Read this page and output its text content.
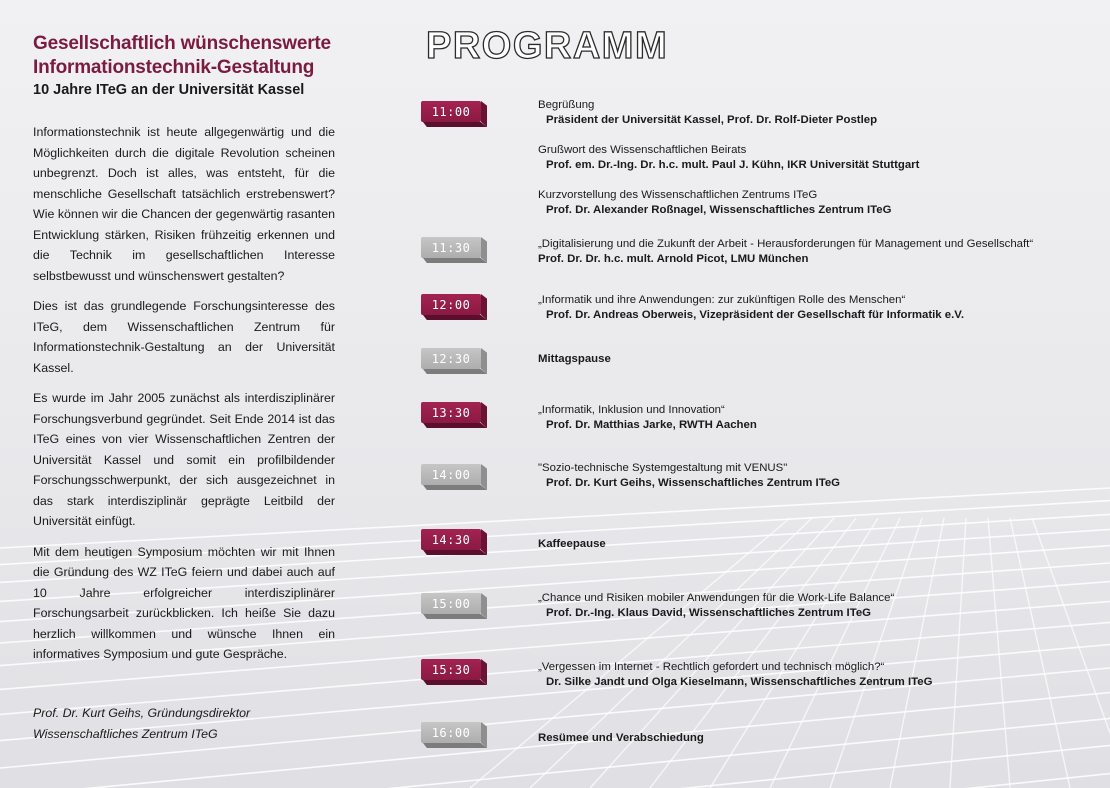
Gesellschaftlich wünschenswerte
Informationstechnik-Gestaltung
10 Jahre ITeG an der Universität Kassel

Informationstechnik ist heute allgegenwärtig und die Möglichkeiten durch die digitale Revolution scheinen unbegrenzt. Doch ist alles, was entsteht, für die menschliche Gesellschaft tatsächlich erstrebenswert? Wie können wir die Chancen der gegenwärtig rasanten Entwicklung stärken, Risiken frühzeitig erkennen und die Technik im gesellschaftlichen Interesse selbstbewusst und wünschenswert gestalten?

Dies ist das grundlegende Forschungsinteresse des ITeG, dem Wissenschaftlichen Zentrum für Informationstechnik-Gestaltung an der Universität Kassel.

Es wurde im Jahr 2005 zunächst als interdisziplinärer Forschungsverbund gegründet. Seit Ende 2014 ist das ITeG eines von vier Wissenschaftlichen Zentren der Universität Kassel und somit ein profilbildender Forschungsschwerpunkt, der sich ausgezeichnet in das stark interdisziplinär geprägte Leitbild der Universität einfügt.

Mit dem heutigen Symposium möchten wir mit Ihnen die Gründung des WZ ITeG feiern und dabei auch auf 10 Jahre erfolgreicher interdisziplinärer Forschungsarbeit zurückblicken. Ich heiße Sie dazu herzlich willkommen und wünsche Ihnen ein informatives Symposium und gute Gespräche.

Prof. Dr. Kurt Geihs, Gründungsdirektor
Wissenschaftliches Zentrum ITeG
PROGRAMM
11:00
11:30
12:00
12:30
13:30
14:00
14:30
15:00
15:30
16:00
Begrüßung
Präsident der Universität Kassel, Prof. Dr. Rolf-Dieter Postlep
Grußwort des Wissenschaftlichen Beirats
Prof. em. Dr.-Ing. Dr. h.c. mult. Paul J. Kühn, IKR Universität Stuttgart
Kurzvorstellung des Wissenschaftlichen Zentrums ITeG
Prof. Dr. Alexander Roßnagel, Wissenschaftliches Zentrum ITeG
„Digitalisierung und die Zukunft der Arbeit - Herausforderungen für Management und Gesellschaft“
Prof. Dr. Dr. h.c. mult. Arnold Picot, LMU München
„Informatik und ihre Anwendungen: zur zukünftigen Rolle des Menschen“
Prof. Dr. Andreas Oberweis, Vizepräsident der Gesellschaft für Informatik e.V.
Mittagspause
„Informatik, Inklusion und Innovation“
Prof. Dr. Matthias Jarke, RWTH Aachen
"Sozio-technische Systemgestaltung mit VENUS"
Prof. Dr. Kurt Geihs, Wissenschaftliches Zentrum ITeG
Kaffeepause
„Chance und Risiken mobiler Anwendungen für die Work-Life Balance“
Prof. Dr.-Ing. Klaus David, Wissenschaftliches Zentrum ITeG
„Vergessen im Internet - Rechtlich gefordert und technisch möglich?“
Dr. Silke Jandt und Olga Kieselmann, Wissenschaftliches Zentrum ITeG
Resümee und Verabschiedung
